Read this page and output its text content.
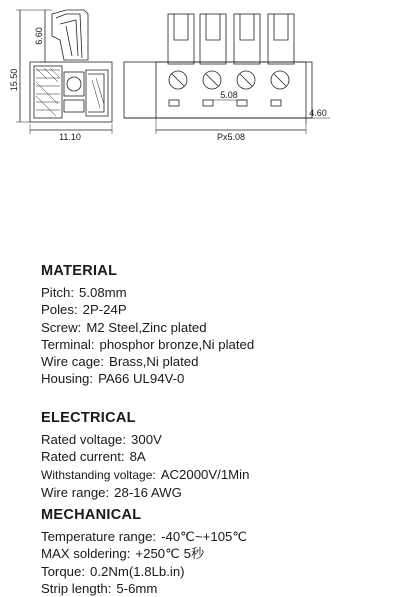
15.50
6.60
11.10
5.08
4.60
Px5.08
MATERIAL
Pitch: 5.08mm
Poles: 2P-24P
Screw: M2 Steel,Zinc plated
Terminal: phosphor bronze,Ni plated
Wire cage: Brass,Ni plated
Housing: PA66 UL94V-0
ELECTRICAL
Rated voltage: 300V
Rated current: 8A
Withstanding voltage: AC2000V/1Min
Wire range: 28-16 AWG
MECHANICAL
Temperature range: -40℃~+105℃
MAX soldering: +250℃ 5秒
Torque: 0.2Nm(1.8Lb.in)
Strip length: 5-6mm
